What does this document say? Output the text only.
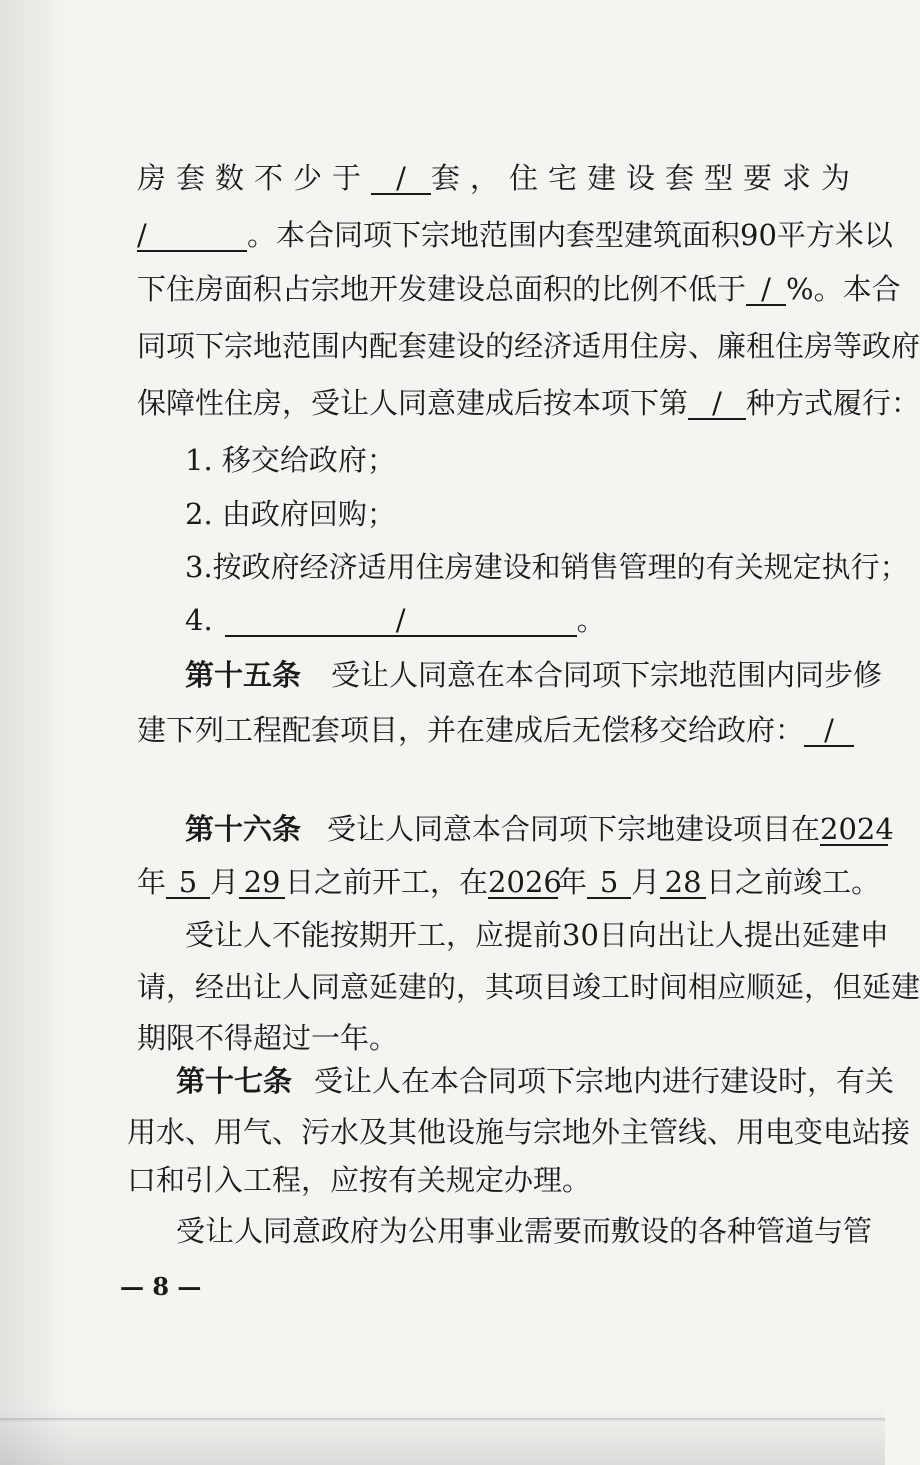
房套数不少于 / 套，住宅建设套型要求为
/	。本合同项下宗地范围内套型建筑面积90平方米以
下住房面积占宗地开发建设总面积的比例不低于 / %。本合
同项下宗地范围内配套建设的经济适用住房、廉租住房等政府
保障性住房，受让人同意建成后按本项下第 / 种方式履行：
1. 移交给政府；
2. 由政府回购；
3.按政府经济适用住房建设和销售管理的有关规定执行；
4.	/	。
第十五条 受让人同意在本合同项下宗地范围内同步修
建下列工程配套项目，并在建成后无偿移交给政府： /
第十六条 受让人同意本合同项下宗地建设项目在2024
年 5 月 29 日之前开工，在2026年 5 月 28 日之前竣工。
受让人不能按期开工，应提前30日向出让人提出延建申
请，经出让人同意延建的，其项目竣工时间相应顺延，但延建
期限不得超过一年。
第十七条 受让人在本合同项下宗地内进行建设时，有关
用水、用气、污水及其他设施与宗地外主管线、用电变电站接
口和引入工程，应按有关规定办理。
受让人同意政府为公用事业需要而敷设的各种管道与管
— 8 —
